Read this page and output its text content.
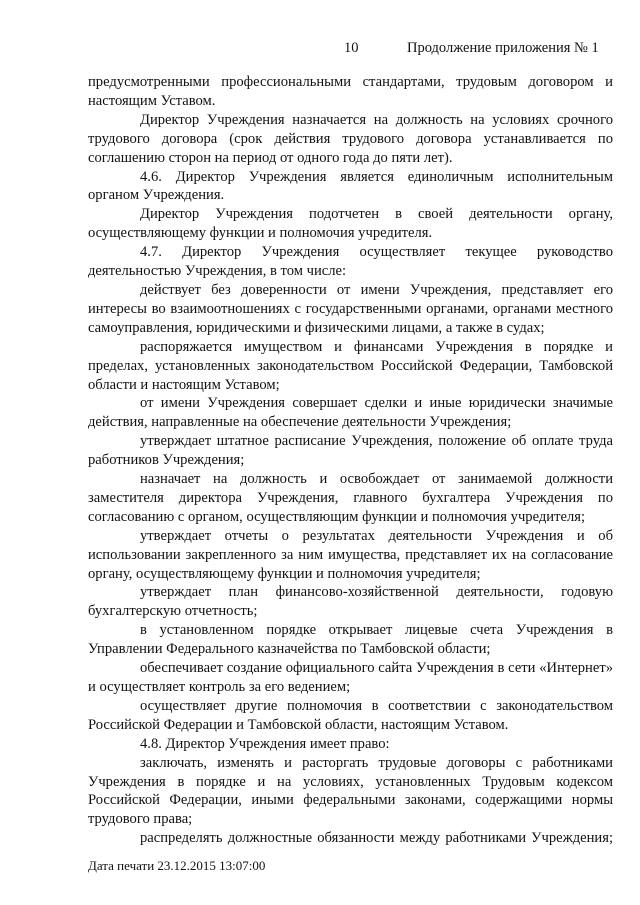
10	Продолжение приложения № 1

предусмотренными профессиональными стандартами, трудовым договором и настоящим Уставом.

Директор Учреждения назначается на должность на условиях срочного трудового договора (срок действия трудового договора устанавливается по соглашению сторон на период от одного года до пяти лет).

4.6. Директор Учреждения является единоличным исполнительным органом Учреждения.

Директор Учреждения подотчетен в своей деятельности органу, осуществляющему функции и полномочия учредителя.

4.7. Директор Учреждения осуществляет текущее руководство деятельностью Учреждения, в том числе:

действует без доверенности от имени Учреждения, представляет его интересы во взаимоотношениях с государственными органами, органами местного самоуправления, юридическими и физическими лицами, а также в судах;

распоряжается имуществом и финансами Учреждения в порядке и пределах, установленных законодательством Российской Федерации, Тамбовской области и настоящим Уставом;

от имени Учреждения совершает сделки и иные юридически значимые действия, направленные на обеспечение деятельности Учреждения;

утверждает штатное расписание Учреждения, положение об оплате труда работников Учреждения;

назначает на должность и освобождает от занимаемой должности заместителя директора Учреждения, главного бухгалтера Учреждения по согласованию с органом, осуществляющим функции и полномочия учредителя;

утверждает отчеты о результатах деятельности Учреждения и об использовании закрепленного за ним имущества, представляет их на согласование органу, осуществляющему функции и полномочия учредителя;

утверждает план финансово-хозяйственной деятельности, годовую бухгалтерскую отчетность;

в установленном порядке открывает лицевые счета Учреждения в Управлении Федерального казначейства по Тамбовской области;

обеспечивает создание официального сайта Учреждения в сети «Интернет» и осуществляет контроль за его ведением;

осуществляет другие полномочия в соответствии с законодательством Российской Федерации и Тамбовской области, настоящим Уставом.

4.8. Директор Учреждения имеет право:

заключать, изменять и расторгать трудовые договоры с работниками Учреждения в порядке и на условиях, установленных Трудовым кодексом Российской Федерации, иными федеральными законами, содержащими нормы трудового права;

распределять должностные обязанности между работниками Учреждения;

Дата печати 23.12.2015 13:07:00
